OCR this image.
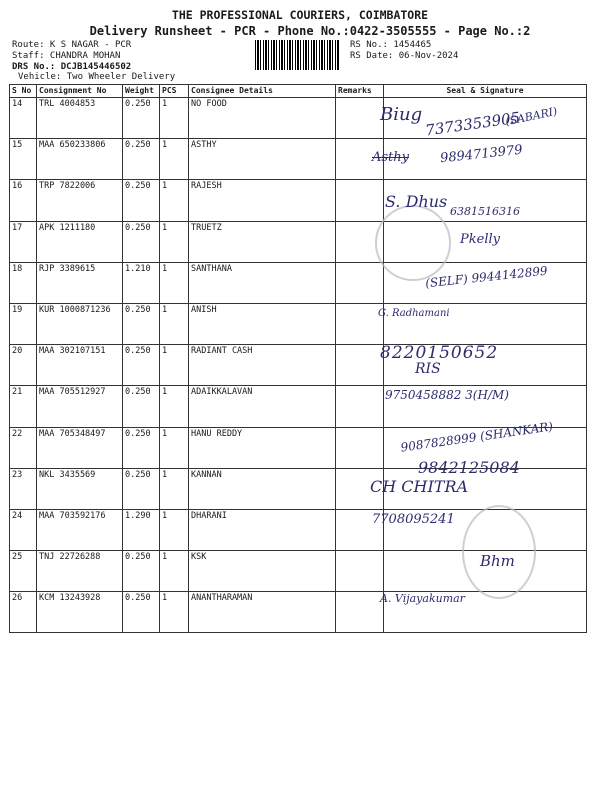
THE PROFESSIONAL COURIERS, COIMBATORE
Delivery Runsheet - PCR - Phone No.:0422-3505555 - Page No.:2
Route: K S NAGAR - PCR
Staff: CHANDRA MOHAN
DRS No.: DCJB145446502
Vehicle: Two Wheeler Delivery
RS No.: 1454465
RS Date: 06-Nov-2024
S No	Consignment No	Weight	PCS	Consignee Details	Remarks	Seal & Signature
14	TRL 4004853	0.250	1	NO FOOD		
15	MAA 650233806	0.250	1	ASTHY		
16	TRP 7822006	0.250	1	RAJESH		
17	APK 1211180	0.250	1	TRUETZ		
18	RJP 3389615	1.210	1	SANTHANA		
19	KUR 1000871236	0.250	1	ANISH		
20	MAA 302107151	0.250	1	RADIANT CASH		
21	MAA 705512927	0.250	1	ADAIKKALAVAN		
22	MAA 705348497	0.250	1	HANU REDDY		
23	NKL 3435569	0.250	1	KANNAN		
24	MAA 703592176	1.290	1	DHARANI		
25	TNJ 22726288	0.250	1	KSK		
26	KCM 13243928	0.250	1	ANANTHARAMAN		
Biug 7373353905
(SABARI)
Asthy 9894713979
S. Dhus
6381516316
Pkelly
(SELF) 9944142899
G. Radhamani
8220150652
RIS
9750458882 3(H/M)
9087828999 (SHANKAR)
9842125084
CH CHITRA
7708095241
Bhm
A. Vijayakumar
